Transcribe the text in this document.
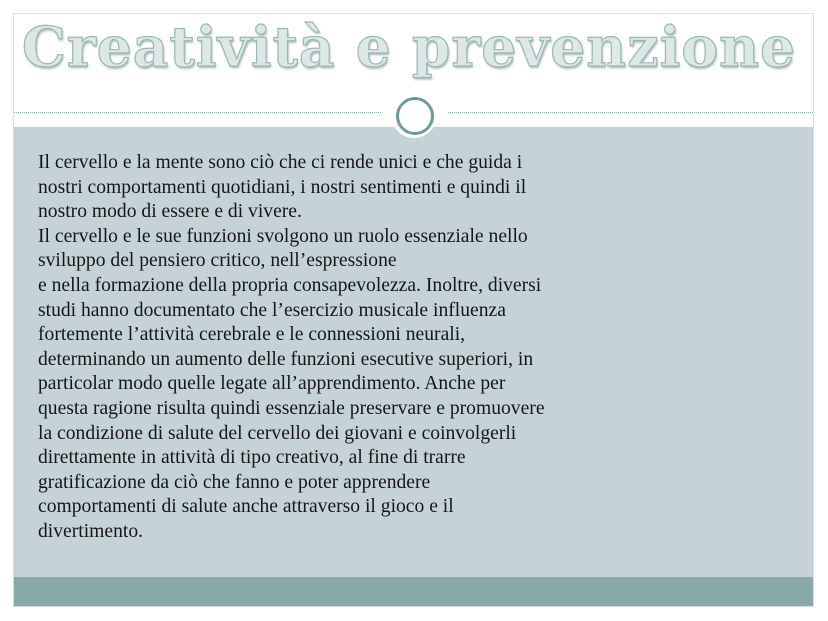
Creatività e prevenzione

Il cervello e la mente sono ciò che ci rende unici e che guida i

nostri comportamenti quotidiani, i nostri sentimenti e quindi il

nostro modo di essere e di vivere.

Il cervello e le sue funzioni svolgono un ruolo essenziale nello

sviluppo del pensiero critico, nell’espressione

e nella formazione della propria consapevolezza. Inoltre, diversi

studi hanno documentato che l’esercizio musicale influenza

fortemente l’attività cerebrale e le connessioni neurali,

determinando un aumento delle funzioni esecutive superiori, in

particolar modo quelle legate all’apprendimento. Anche per

questa ragione risulta quindi essenziale preservare e promuovere

la condizione di salute del cervello dei giovani e coinvolgerli

direttamente in attività di tipo creativo, al fine di trarre

gratificazione da ciò che fanno e poter apprendere

comportamenti di salute anche attraverso il gioco e il

divertimento.
